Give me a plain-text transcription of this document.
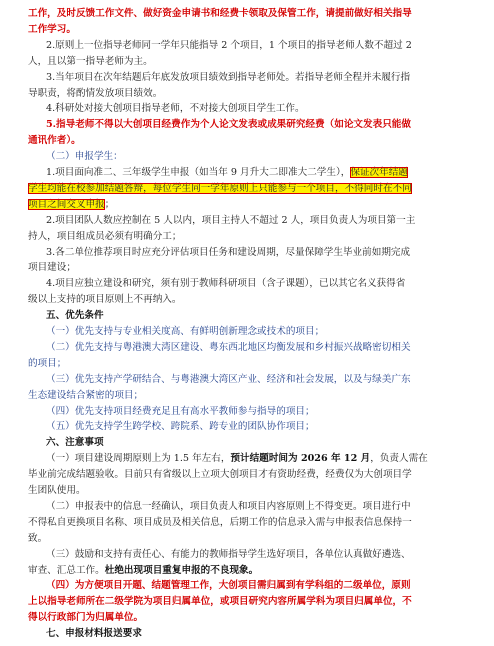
工作，及时反馈工作文件、做好资金申请书和经费卡领取及保管工作，请提前做好相关指导
工作学习。
2.原则上一位指导老师同一学年只能指导 2 个项目，1 个项目的指导老师人数不超过 2
人，且以第一指导老师为主。
3.当年项目在次年结题后年底发放项目绩效到指导老师处。若指导老师全程并未履行指
导职责，将酌情发放项目绩效。
4.科研处对接大创项目指导老师，不对接大创项目学生工作。
5.指导老师不得以大创项目经费作为个人论文发表或成果研究经费（如论文发表只能做
通讯作者）。
（二）申报学生：
1.项目面向准二、三年级学生申报（如当年 9 月升大二即准大二学生），保证次年结题
学生均能在校参加结题答辩，每位学生同一学年原则上只能参与一个项目，不得同时在不同
项目之间交叉申报；
2.项目团队人数应控制在 5 人以内，项目主持人不超过 2 人，项目负责人为项目第一主
持人，项目组成员必须有明确分工；
3.各二单位推荐项目时应充分评估项目任务和建设周期，尽量保障学生毕业前如期完成
项目建设；
4.项目应独立建设和研究，须有别于教师科研项目（含子课题），已以其它名义获得省
级以上支持的项目原则上不再纳入。
五、优先条件
（一）优先支持与专业相关度高、有鲜明创新理念或技术的项目；
（二）优先支持与粤港澳大湾区建设、粤东西北地区均衡发展和乡村振兴战略密切相关
的项目；
（三）优先支持产学研结合、与粤港澳大湾区产业、经济和社会发展，以及与绿美广东
生态建设结合紧密的项目；
（四）优先支持项目经费充足且有高水平教师参与指导的项目；
（五）优先支持学生跨学校、跨院系、跨专业的团队协作项目；
六、注意事项
（一）项目建设周期原则上为 1.5 年左右，预计结题时间为 2026 年 12 月，负责人需在
毕业前完成结题验收。目前只有省级以上立项大创项目才有资助经费，经费仅为大创项目学
生团队使用。
（二）申报表中的信息一经确认，项目负责人和项目内容原则上不得变更。项目进行中
不得私自更换项目名称、项目成员及相关信息，后期工作的信息录入需与申报表信息保持一
致。
（三）鼓励和支持有责任心、有能力的教师指导学生选好项目，各单位认真做好遴选、
审查、汇总工作。杜绝出现项目重复申报的不良现象。
（四）为方便项目开题、结题管理工作，大创项目需归属到有学科组的二级单位，原则
上以指导老师所在二级学院为项目归属单位，或项目研究内容所属学科为项目归属单位，不
得以行政部门为归属单位。
七、申报材料报送要求
